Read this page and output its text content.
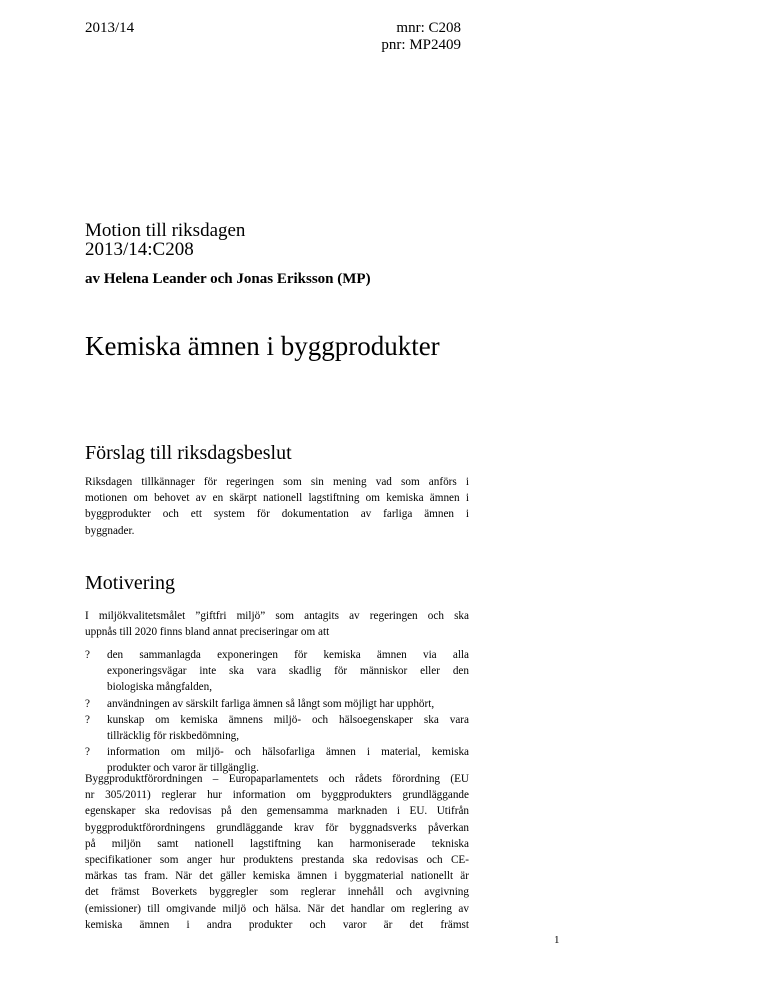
2013/14	mnr: C208
pnr: MP2409
Motion till riksdagen
2013/14:C208
av Helena Leander och Jonas Eriksson (MP)
Kemiska ämnen i byggprodukter
Förslag till riksdagsbeslut

Riksdagen tillkännager för regeringen som sin mening vad som anförs i
motionen om behovet av en skärpt nationell lagstiftning om kemiska ämnen i
byggprodukter och ett system för dokumentation av farliga ämnen i
byggnader.

Motivering

I miljökvalitetsmålet ”giftfri miljö” som antagits av regeringen och ska
uppnås till 2020 finns bland annat preciseringar om att

? den sammanlagda exponeringen för kemiska ämnen via alla
exponeringsvägar inte ska vara skadlig för människor eller den
biologiska mångfalden,
? användningen av särskilt farliga ämnen så långt som möjligt har upphört,
? kunskap om kemiska ämnens miljö- och hälsoegenskaper ska vara
tillräcklig för riskbedömning,
? information om miljö- och hälsofarliga ämnen i material, kemiska
produkter och varor är tillgänglig.

Byggproduktförordningen – Europaparlamentets och rådets förordning (EU
nr 305/2011) reglerar hur information om byggprodukters grundläggande
egenskaper ska redovisas på den gemensamma marknaden i EU. Utifrån
byggproduktförordningens grundläggande krav för byggnadsverks påverkan
på miljön samt nationell lagstiftning kan harmoniserade tekniska
specifikationer som anger hur produktens prestanda ska redovisas och CE-
märkas tas fram. När det gäller kemiska ämnen i byggmaterial nationellt är
det främst Boverkets byggregler som reglerar innehåll och avgivning
(emissioner) till omgivande miljö och hälsa. När det handlar om reglering av
kemiska ämnen i andra produkter och varor är det främst

1
